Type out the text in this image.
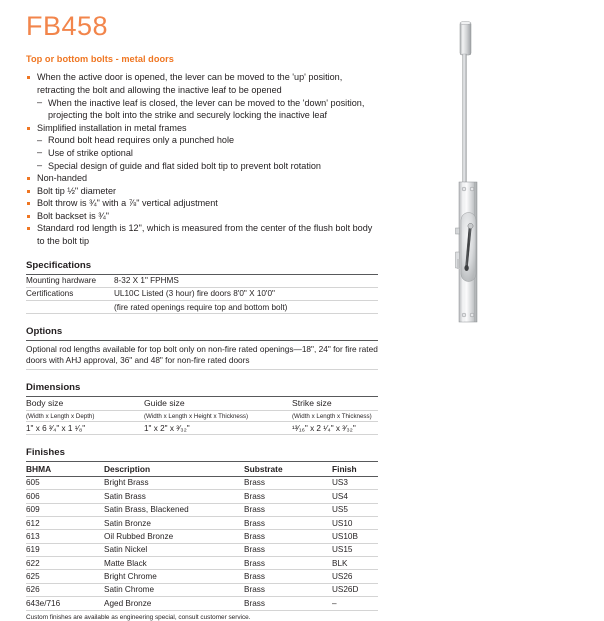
FB458
Top or bottom bolts - metal doors
When the active door is opened, the lever can be moved to the 'up' position, retracting the bolt and allowing the inactive leaf to be opened
– When the inactive leaf is closed, the lever can be moved to the 'down' position, projecting the bolt into the strike and securely locking the inactive leaf
Simplified installation in metal frames
– Round bolt head requires only a punched hole
– Use of strike optional
– Special design of guide and flat sided bolt tip to prevent bolt rotation
Non-handed
Bolt tip ½" diameter
Bolt throw is ¾" with a ⅞" vertical adjustment
Bolt backset is ¾"
Standard rod length is 12", which is measured from the center of the flush bolt body to the bolt tip
Specifications
Mounting hardware	8-32 X 1" FPHMS
Certifications	UL10C Listed (3 hour) fire doors 8'0" X 10'0"
	(fire rated openings require top and bottom bolt)
Options
Optional rod lengths available for top bolt only on non-fire rated openings—18", 24" for fire rated doors with AHJ approval, 36" and 48" for non-fire rated doors
Dimensions
Body size	Guide size	Strike size
(Width x Length x Depth)	(Width x Length x Height x Thickness)	(Width x Length x Thickness)
1" x 6 ³⁄₄" x 1 ¹⁄₈"	1" x 2" x ³⁄₃₂"	¹³⁄₁₆" x 2 ¹⁄₄" x ³⁄₃₂"
Finishes
BHMA	Description	Substrate	Finish
605	Bright Brass	Brass	US3
606	Satin Brass	Brass	US4
609	Satin Brass, Blackened	Brass	US5
612	Satin Bronze	Brass	US10
613	Oil Rubbed Bronze	Brass	US10B
619	Satin Nickel	Brass	US15
622	Matte Black	Brass	BLK
625	Bright Chrome	Brass	US26
626	Satin Chrome	Brass	US26D
643e/716	Aged Bronze	Brass	–
Custom finishes are available as engineering special, consult customer service.
